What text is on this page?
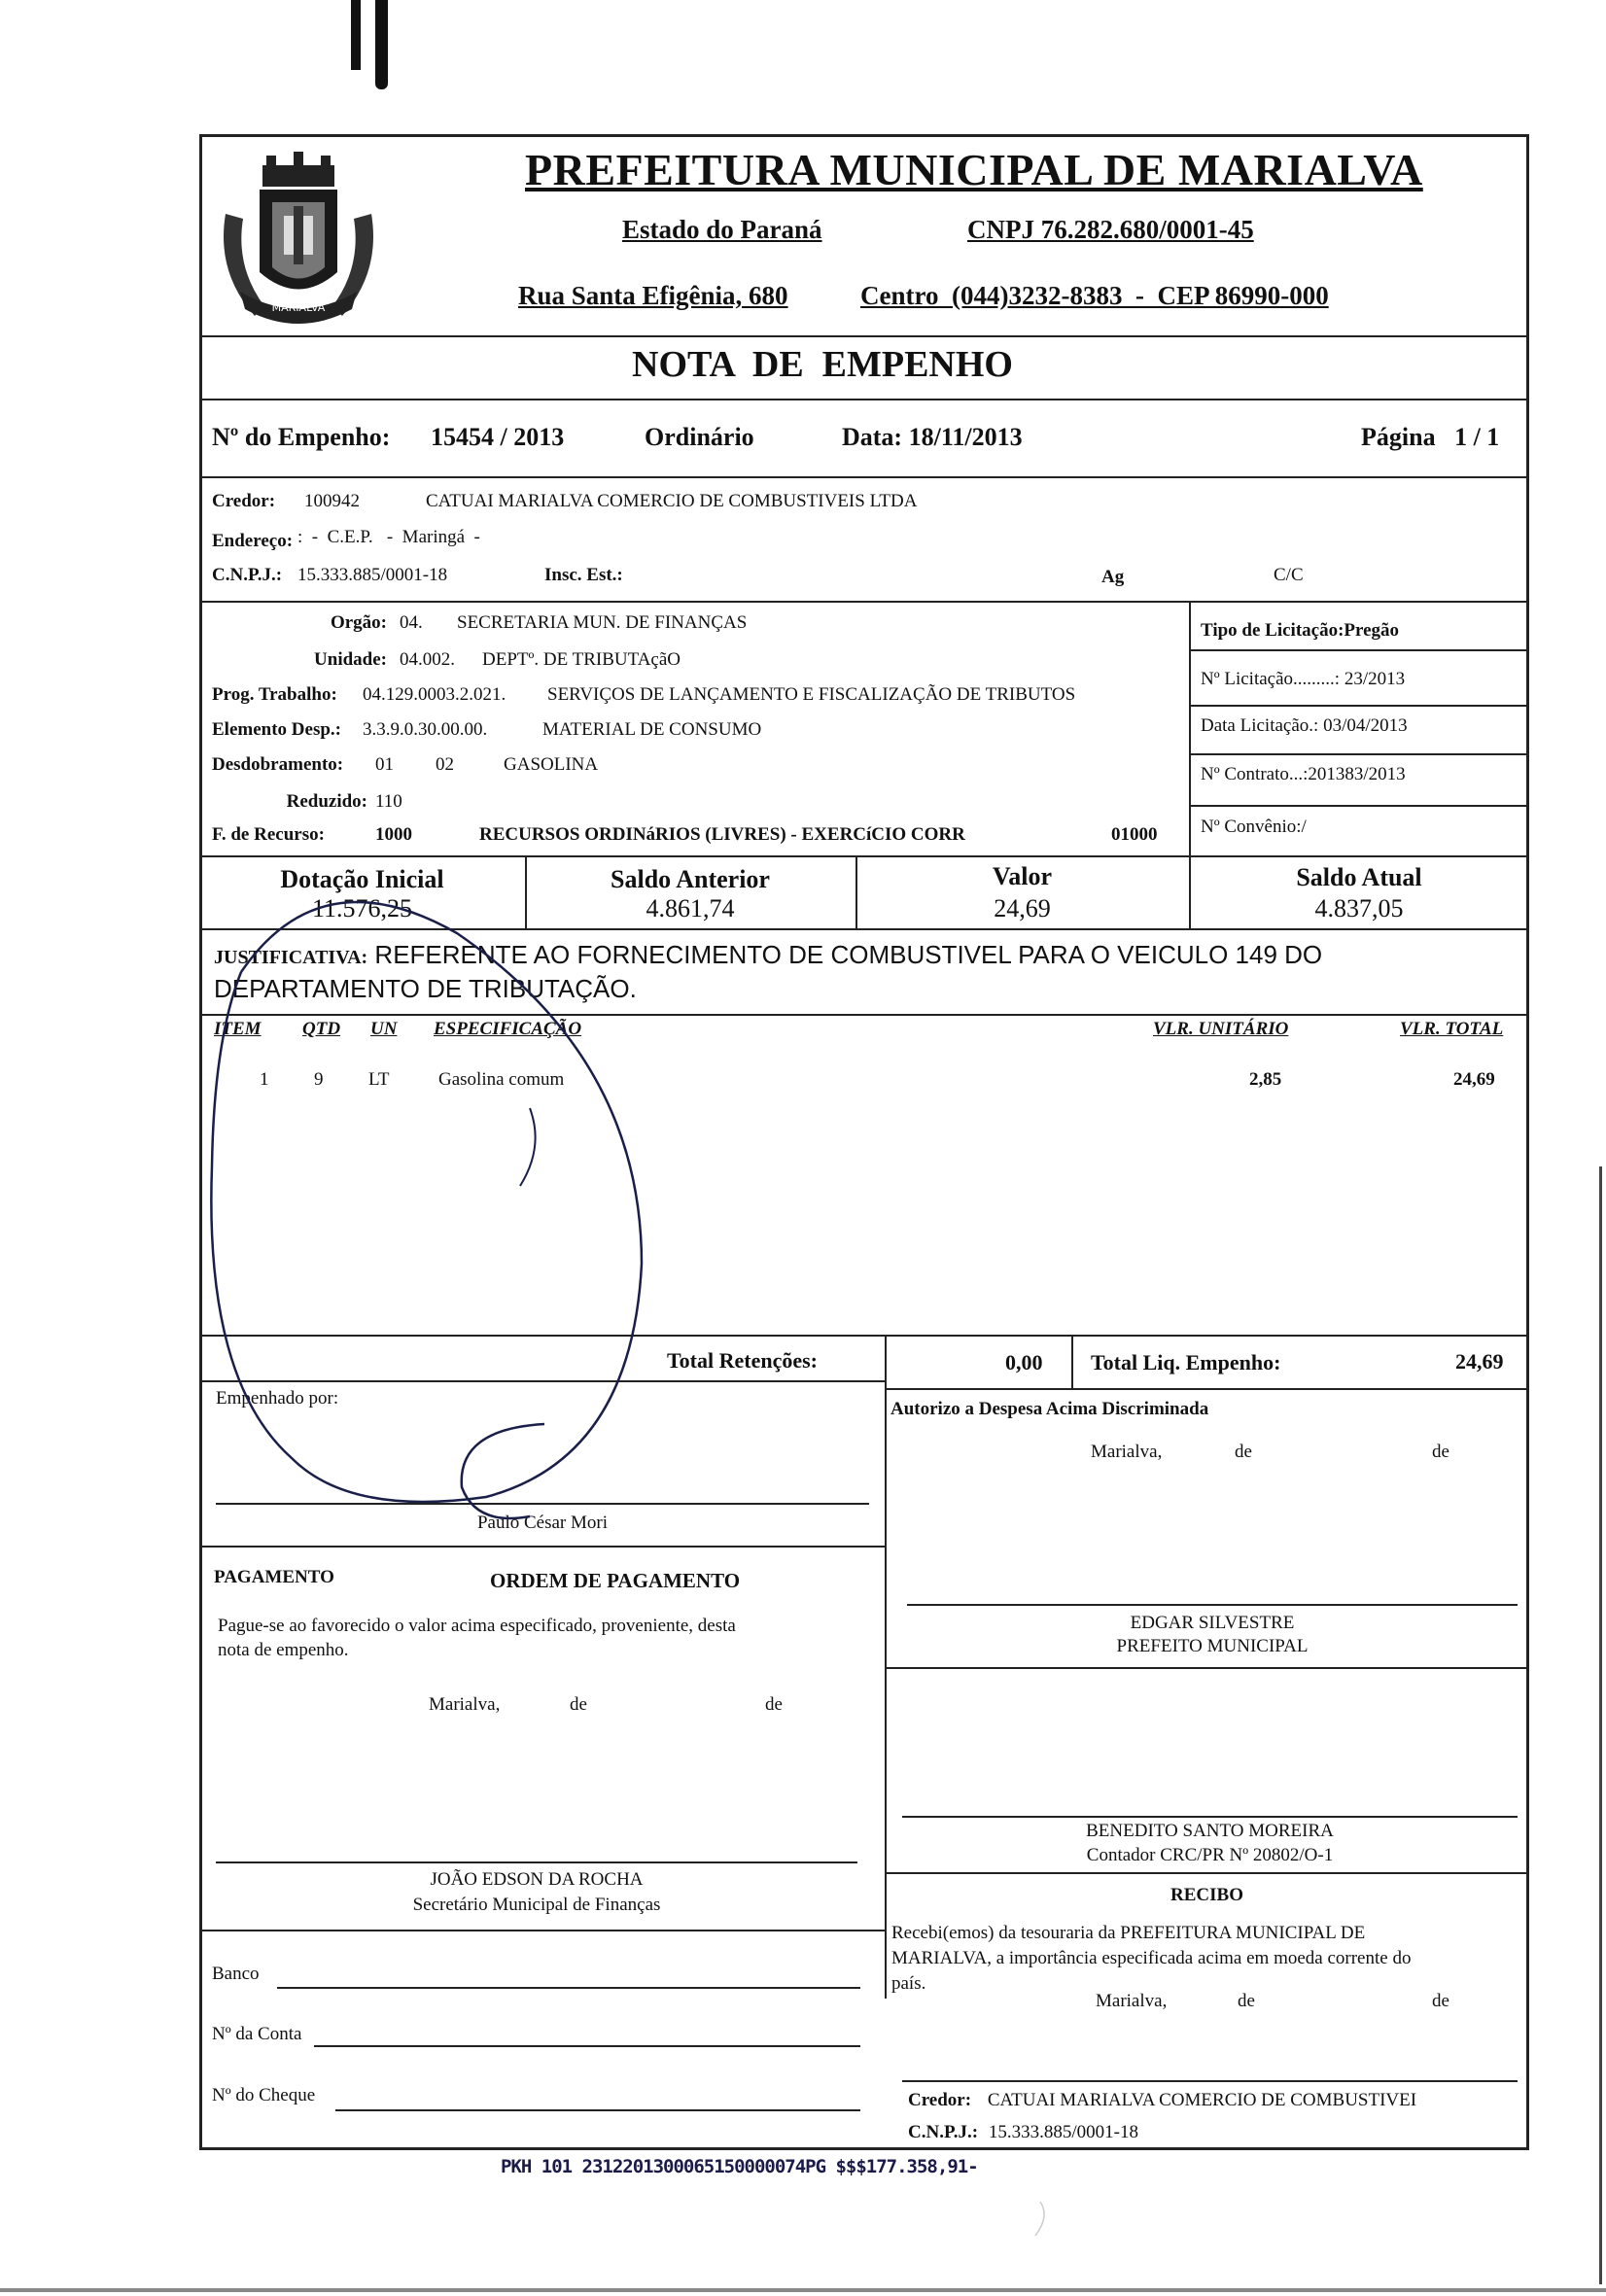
MARIALVA
PREFEITURA MUNICIPAL DE MARIALVA
Estado do Paraná	CNPJ 76.282.680/0001-45
Rua Santa Efigênia, 680	Centro  (044)3232-8383  -  CEP 86990-000
NOTA  DE  EMPENHO
Nº do Empenho: 15454 / 2013	Ordinário	Data: 18/11/2013	Página   1 / 1
Credor: 100942	CATUAI MARIALVA COMERCIO DE COMBUSTIVEIS LTDA
Endereço: :  -  C.E.P.   -  Maringá  -
C.N.P.J.: 15.333.885/0001-18	Insc. Est.:	Ag	C/C
Orgão: 04. SECRETARIA MUN. DE FINANÇAS
Unidade: 04.002. DEPTº. DE TRIBUTAçãO
Prog. Trabalho: 04.129.0003.2.021. SERVIÇOS DE LANÇAMENTO E FISCALIZAÇÃO DE TRIBUTOS
Elemento Desp.: 3.3.9.0.30.00.00.	MATERIAL DE CONSUMO
Desdobramento: 01 02	GASOLINA
Reduzido: 110
F. de Recurso:	1000	RECURSOS ORDINáRIOS (LIVRES) - EXERCíCIO CORR	01000
Tipo de Licitação:Pregão
Nº Licitação.........: 23/2013
Data Licitação.: 03/04/2013
Nº Contrato...:201383/2013
Nº Convênio:/
Dotação Inicial
11.576,25
Saldo Anterior
4.861,74
Valor
24,69
Saldo Atual
4.837,05
JUSTIFICATIVA: REFERENTE AO FORNECIMENTO DE COMBUSTIVEL PARA O VEICULO 149 DO
DEPARTAMENTO DE TRIBUTAÇÃO.
ITEM QTD UN ESPECIFICAÇÃO	VLR. UNITÁRIO	VLR. TOTAL
1 9 LT	Gasolina comum	2,85	24,69
Total Retenções:	0,00 Total Liq. Empenho:	24,69
Empenhado por:
Paulo César Mori
Autorizo a Despesa Acima Discriminada
Marialva,	de	de
PAGAMENTO	ORDEM DE PAGAMENTO
Pague-se ao favorecido o valor acima especificado, proveniente, desta
nota de empenho.
Marialva,	de	de
JOÃO EDSON DA ROCHA
Secretário Municipal de Finanças
Banco
Nº da Conta
Nº do Cheque
EDGAR SILVESTRE
PREFEITO MUNICIPAL
BENEDITO SANTO MOREIRA
Contador CRC/PR Nº 20802/O-1
RECIBO
Recebi(emos) da tesouraria da PREFEITURA MUNICIPAL DE
MARIALVA, a importância especificada acima em moeda corrente do
país.
Marialva,	de	de
Credor: CATUAI MARIALVA COMERCIO DE COMBUSTIVEI
C.N.P.J.: 15.333.885/0001-18
PKH 101 2312201300065150000074PG $$$177.358,91-
